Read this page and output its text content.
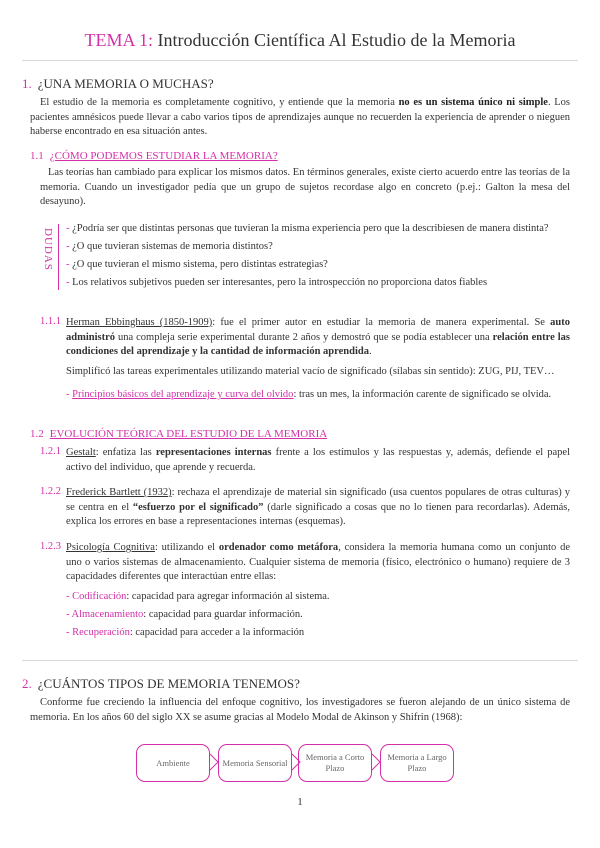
TEMA 1: Introducción Científica Al Estudio de la Memoria
1. ¿UNA MEMORIA O MUCHAS?
El estudio de la memoria es completamente cognitivo, y entiende que la memoria no es un sistema único ni simple. Los pacientes amnésicos puede llevar a cabo varios tipos de aprendizajes aunque no recuerden la experiencia de aprender o nieguen haberse encontrado en esa situación antes.
1.1 ¿CÓMO PODEMOS ESTUDIAR LA MEMORIA?
Las teorías han cambiado para explicar los mismos datos. En términos generales, existe cierto acuerdo entre las teorías de la memoria. Cuando un investigador pedía que un grupo de sujetos recordase algo en concreto (p.ej.: Galton la mesa del desayuno).
DUDAS - ¿Podría ser que distintas personas que tuvieran la misma experiencia pero que la describiesen de manera distinta?
- ¿O que tuvieran sistemas de memoria distintos?
- ¿O que tuvieran el mismo sistema, pero distintas estrategias?
- Los relativos subjetivos pueden ser interesantes, pero la introspección no proporciona datos fiables
1.1.1 Herman Ebbinghaus (1850-1909): fue el primer autor en estudiar la memoria de manera experimental. Se auto administró una compleja serie experimental durante 2 años y demostró que se podía establecer una relación entre las condiciones del aprendizaje y la cantidad de información aprendida.
Simplificó las tareas experimentales utilizando material vacío de significado (sílabas sin sentido): ZUG, PIJ, TEV…
- Principios básicos del aprendizaje y curva del olvido: tras un mes, la información carente de significado se olvida.
1.2 EVOLUCIÓN TEÓRICA DEL ESTUDIO DE LA MEMORIA
1.2.1 Gestalt: enfatiza las representaciones internas frente a los estímulos y las respuestas y, además, defiende el papel activo del individuo, que aprende y recuerda.
1.2.2 Frederick Bartlett (1932): rechaza el aprendizaje de material sin significado (usa cuentos populares de otras culturas) y se centra en el “esfuerzo por el significado” (darle significado a cosas que no lo tienen para recordarlas). Además, explica los errores en base a representaciones internas (esquemas).
1.2.3 Psicología Cognitiva: utilizando el ordenador como metáfora, considera la memoria humana como un conjunto de uno o varios sistemas de almacenamiento. Cualquier sistema de memoria (físico, electrónico o humano) requiere de 3 capacidades diferentes que interactúan entre ellas:
- Codificación: capacidad para agregar información al sistema.
- Almacenamiento: capacidad para guardar información.
- Recuperación: capacidad para acceder a la información
2. ¿CUÁNTOS TIPOS DE MEMORIA TENEMOS?
Conforme fue creciendo la influencia del enfoque cognitivo, los investigadores se fueron alejando de un único sistema de memoria. En los años 60 del siglo XX se asume gracias al Modelo Modal de Akinson y Shifrin (1968):
Ambiente	Memoria Sensorial
Memoria a Corto Plazo
Memoria a Largo Plazo
1
